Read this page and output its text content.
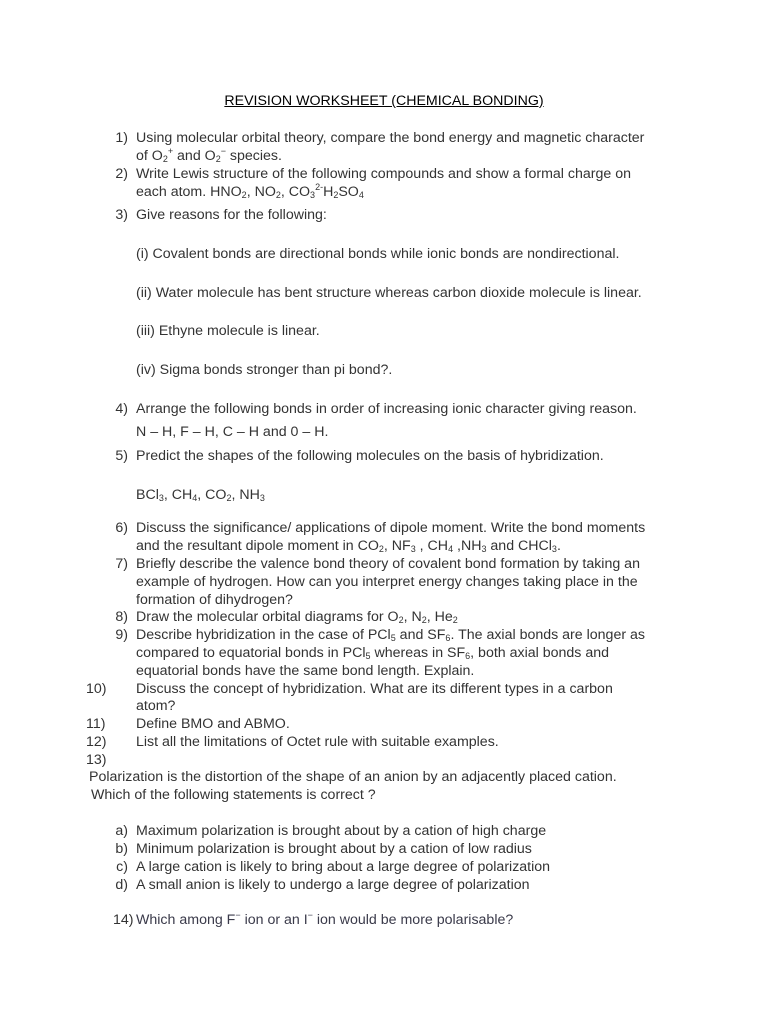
REVISION WORKSHEET (CHEMICAL BONDING)
1) Using molecular orbital theory, compare the bond energy and magnetic character
of $O_2^+$ and $O_2^-$ species.
2) Write Lewis structure of the following compounds and show a formal charge on
each atom. $HNO_2$, $NO_2$, $CO_3^{2-}H_2SO_4$
3) Give reasons for the following:
(i) Covalent bonds are directional bonds while ionic bonds are nondirectional.
(ii) Water molecule has bent structure whereas carbon dioxide molecule is linear.
(iii) Ethyne molecule is linear.
(iv) Sigma bonds stronger than pi bond?.
4) Arrange the following bonds in order of increasing ionic character giving reason.
N – H, F – H, C – H and 0 – H.
5) Predict the shapes of the following molecules on the basis of hybridization.
BCl$_3$, $CH_4$, $CO_2$, $NH_3$
6) Discuss the significance/ applications of dipole moment. Write the bond moments
and the resultant dipole moment in $CO_2$, $NF_3$ , $CH_4$ $,NH_3$ and CHCl$_3$.
7) Briefly describe the valence bond theory of covalent bond formation by taking an
example of hydrogen. How can you interpret energy changes taking place in the
formation of dihydrogen?
8) Draw the molecular orbital diagrams for $O_2$, $N_2$, $He_2$
9) Describe hybridization in the case of PCl$_5$ and $SF_6$. The axial bonds are longer as
compared to equatorial bonds in PCl$_5$ whereas in $SF_6$, both axial bonds and
equatorial bonds have the same bond length. Explain.
10)	Discuss the concept of hybridization. What are its different types in a carbon
atom?
11)	Define BMO and ABMO.
12)	List all the limitations of Octet rule with suitable examples.
13)
Polarization is the distortion of the shape of an anion by an adjacently placed cation.
Which of the following statements is correct ?
a) Maximum polarization is brought about by a cation of high charge
b) Minimum polarization is brought about by a cation of low radius
c) A large cation is likely to bring about a large degree of polarization
d) A small anion is likely to undergo a large degree of polarization
14) Which among F− ion or an I− ion would be more polarisable?
